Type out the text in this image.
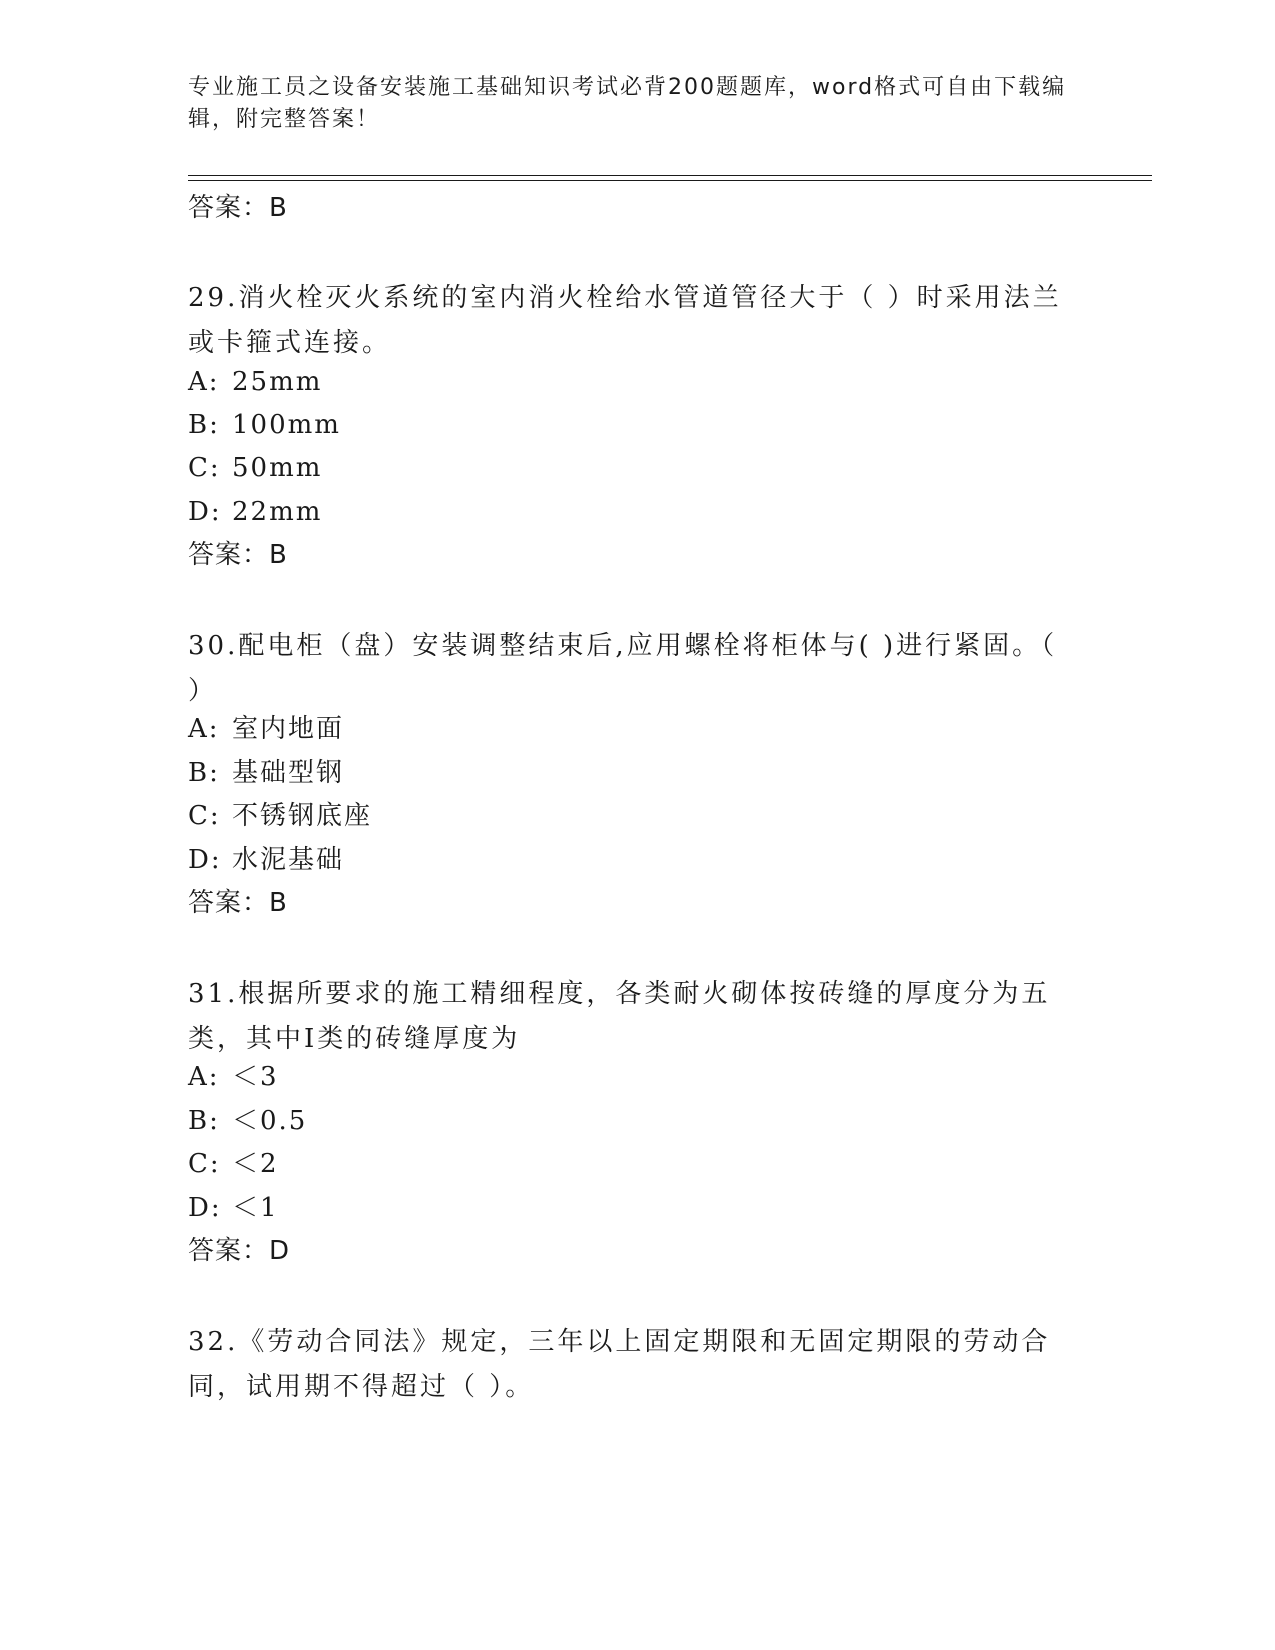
专业施工员之设备安装施工基础知识考试必背200题题库，word格式可自由下载编辑，附完整答案！
答案：B
29.消火栓灭火系统的室内消火栓给水管道管径大于（ ）时采用法兰或卡箍式连接。
A: 25mm
B: 100mm
C: 50mm
D: 22mm
答案：B
30.配电柜（盘）安装调整结束后,应用螺栓将柜体与( )进行紧固。（ ）
A: 室内地面
B: 基础型钢
C: 不锈钢底座
D: 水泥基础
答案：B
31.根据所要求的施工精细程度，各类耐火砌体按砖缝的厚度分为五类，其中Ⅰ类的砖缝厚度为
A: ＜3
B: ＜0.5
C: ＜2
D: ＜1
答案：D
32.《劳动合同法》规定，三年以上固定期限和无固定期限的劳动合同，试用期不得超过（ ）。
